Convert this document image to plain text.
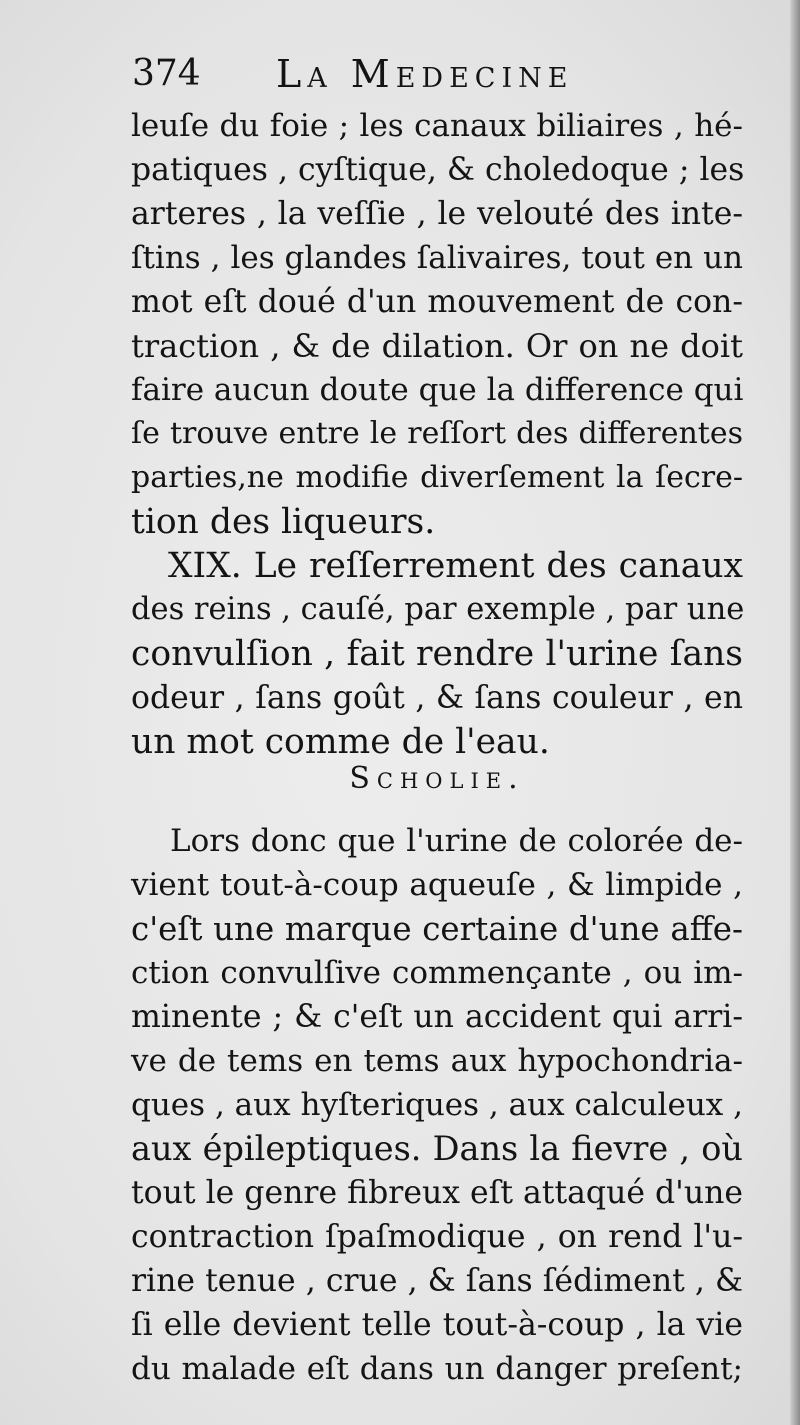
374 La Medecine
leuſe du foie ; les canaux biliaires , hé-
patiques , cyſtique, & choledoque ; les
arteres , la veſſie , le velouté des inte-
ſtins , les glandes ſalivaires, tout en un
mot eſt doué d'un mouvement de con-
traction , & de dilation. Or on ne doit
faire aucun doute que la difference qui
ſe trouve entre le reſſort des differentes
parties,ne modifie diverſement la ſecre-
tion des liqueurs.
XIX. Le reſſerrement des canaux
des reins , cauſé, par exemple , par une
convulſion , fait rendre l'urine ſans
odeur , ſans goût , & ſans couleur , en
un mot comme de l'eau.
Scholie.
Lors donc que l'urine de colorée de-
vient tout-à-coup aqueuſe , & limpide ,
c'eſt une marque certaine d'une affe-
ction convulſive commençante , ou im-
minente ; & c'eſt un accident qui arri-
ve de tems en tems aux hypochondria-
ques , aux hyſteriques , aux calculeux ,
aux épileptiques. Dans la fievre , où
tout le genre fibreux eſt attaqué d'une
contraction ſpaſmodique , on rend l'u-
rine tenue , crue , & ſans ſédiment , &
ſi elle devient telle tout-à-coup , la vie
du malade eſt dans un danger preſent;
